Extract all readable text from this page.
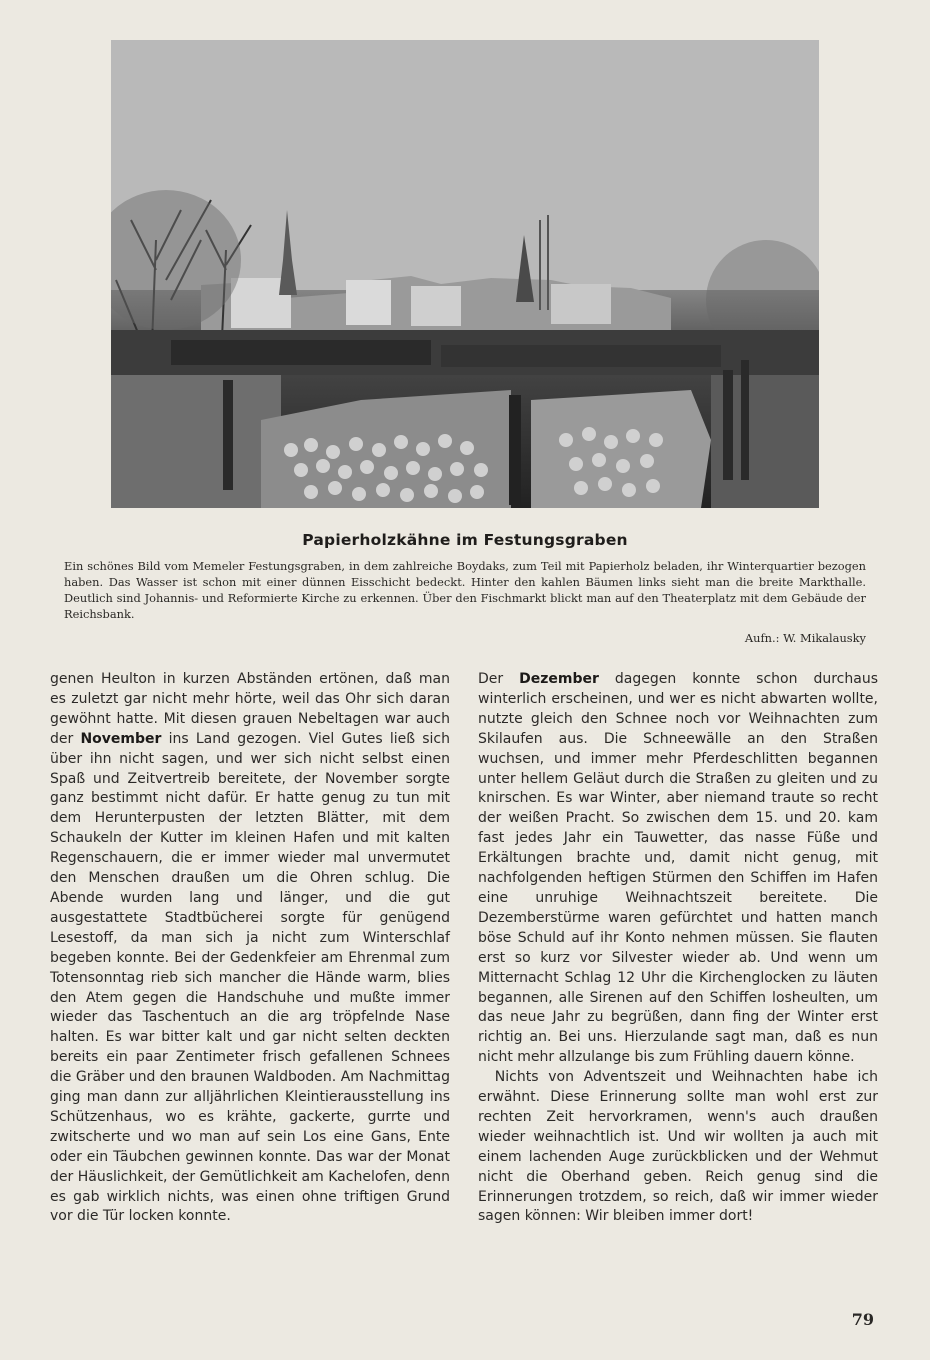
Papierholzkähne im Festungsgraben
Ein schönes Bild vom Memeler Festungsgraben, in dem zahlreiche Boydaks, zum Teil mit Papierholz beladen, ihr Winterquartier bezogen haben. Das Wasser ist schon mit einer dünnen Eisschicht bedeckt. Hinter den kahlen Bäumen links sieht man die breite Markthalle. Deutlich sind Johannis- und Reformierte Kirche zu erkennen. Über den Fischmarkt blickt man auf den Theaterplatz mit dem Gebäude der Reichsbank.
Aufn.: W. Mikalausky

genen Heulton in kurzen Abständen ertönen, daß man es zuletzt gar nicht mehr hörte, weil das Ohr sich daran gewöhnt hatte. Mit diesen grauen Nebeltagen war auch der November ins Land gezogen. Viel Gutes ließ sich über ihn nicht sagen, und wer sich nicht selbst einen Spaß und Zeitvertreib bereitete, der November sorgte ganz bestimmt nicht dafür. Er hatte genug zu tun mit dem Herunterpusten der letzten Blätter, mit dem Schaukeln der Kutter im kleinen Hafen und mit kalten Regenschauern, die er immer wieder mal unvermutet den Menschen draußen um die Ohren schlug. Die Abende wurden lang und länger, und die gut ausgestattete Stadtbücherei sorgte für genügend Lesestoff, da man sich ja nicht zum Winterschlaf begeben konnte. Bei der Gedenkfeier am Ehrenmal zum Totensonntag rieb sich mancher die Hände warm, blies den Atem gegen die Handschuhe und mußte immer wieder das Taschentuch an die arg tröpfelnde Nase halten. Es war bitter kalt und gar nicht selten deckten bereits ein paar Zentimeter frisch gefallenen Schnees die Gräber und den braunen Waldboden. Am Nachmittag ging man dann zur alljährlichen Kleintierausstellung ins Schützenhaus, wo es krähte, gackerte, gurrte und zwitscherte und wo man auf sein Los eine Gans, Ente oder ein Täubchen gewinnen konnte. Das war der Monat der Häuslichkeit, der Gemütlichkeit am Kachelofen, denn es gab wirklich nichts, was einen ohne triftigen Grund vor die Tür locken konnte.

Der Dezember dagegen konnte schon durchaus winterlich erscheinen, und wer es nicht abwarten wollte, nutzte gleich den Schnee noch vor Weihnachten zum Skilaufen aus. Die Schneewälle an den Straßen wuchsen, und immer mehr Pferdeschlitten begannen unter hellem Geläut durch die Straßen zu gleiten und zu knirschen. Es war Winter, aber niemand traute so recht der weißen Pracht. So zwischen dem 15. und 20. kam fast jedes Jahr ein Tauwetter, das nasse Füße und Erkältungen brachte und, damit nicht genug, mit nachfolgenden heftigen Stürmen den Schiffen im Hafen eine unruhige Weihnachtszeit bereitete. Die Dezemberstürme waren gefürchtet und hatten manch böse Schuld auf ihr Konto nehmen müssen. Sie flauten erst so kurz vor Silvester wieder ab. Und wenn um Mitternacht Schlag 12 Uhr die Kirchenglocken zu läuten begannen, alle Sirenen auf den Schiffen losheulten, um das neue Jahr zu begrüßen, dann fing der Winter erst richtig an. Bei uns. Hierzulande sagt man, daß es nun nicht mehr allzulange bis zum Frühling dauern könne.

Nichts von Adventszeit und Weihnachten habe ich erwähnt. Diese Erinnerung sollte man wohl erst zur rechten Zeit hervorkramen, wenn's auch draußen wieder weihnachtlich ist. Und wir wollten ja auch mit einem lachenden Auge zurückblicken und der Wehmut nicht die Oberhand geben. Reich genug sind die Erinnerungen trotzdem, so reich, daß wir immer wieder sagen können: Wir bleiben immer dort!

79
